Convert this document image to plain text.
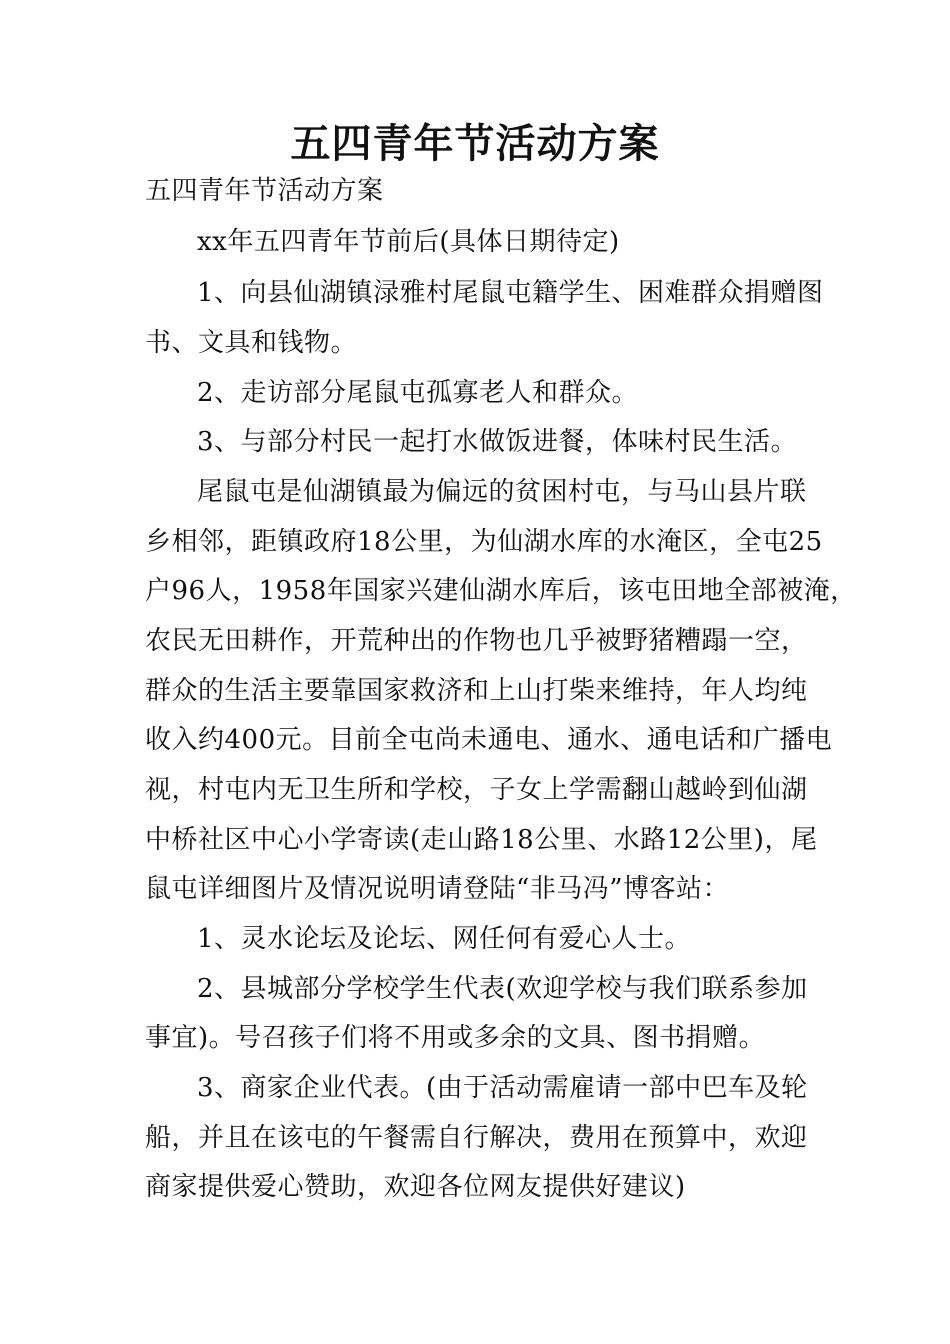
五四青年节活动方案
五四青年节活动方案
xx年五四青年节前后(具体日期待定)
1、向县仙湖镇渌雅村尾鼠屯籍学生、困难群众捐赠图
书、文具和钱物。
2、走访部分尾鼠屯孤寡老人和群众。
3、与部分村民一起打水做饭进餐，体味村民生活。
尾鼠屯是仙湖镇最为偏远的贫困村屯，与马山县片联
乡相邻，距镇政府18公里，为仙湖水库的水淹区，全屯25
户96人，1958年国家兴建仙湖水库后，该屯田地全部被淹，
农民无田耕作，开荒种出的作物也几乎被野猪糟蹋一空，
群众的生活主要靠国家救济和上山打柴来维持，年人均纯
收入约400元。目前全屯尚未通电、通水、通电话和广播电
视，村屯内无卫生所和学校，子女上学需翻山越岭到仙湖
中桥社区中心小学寄读(走山路18公里、水路12公里)，尾
鼠屯详细图片及情况说明请登陆“非马冯”博客站：
1、灵水论坛及论坛、网任何有爱心人士。
2、县城部分学校学生代表(欢迎学校与我们联系参加
事宜)。号召孩子们将不用或多余的文具、图书捐赠。
3、商家企业代表。(由于活动需雇请一部中巴车及轮
船，并且在该屯的午餐需自行解决，费用在预算中，欢迎
商家提供爱心赞助，欢迎各位网友提供好建议)
